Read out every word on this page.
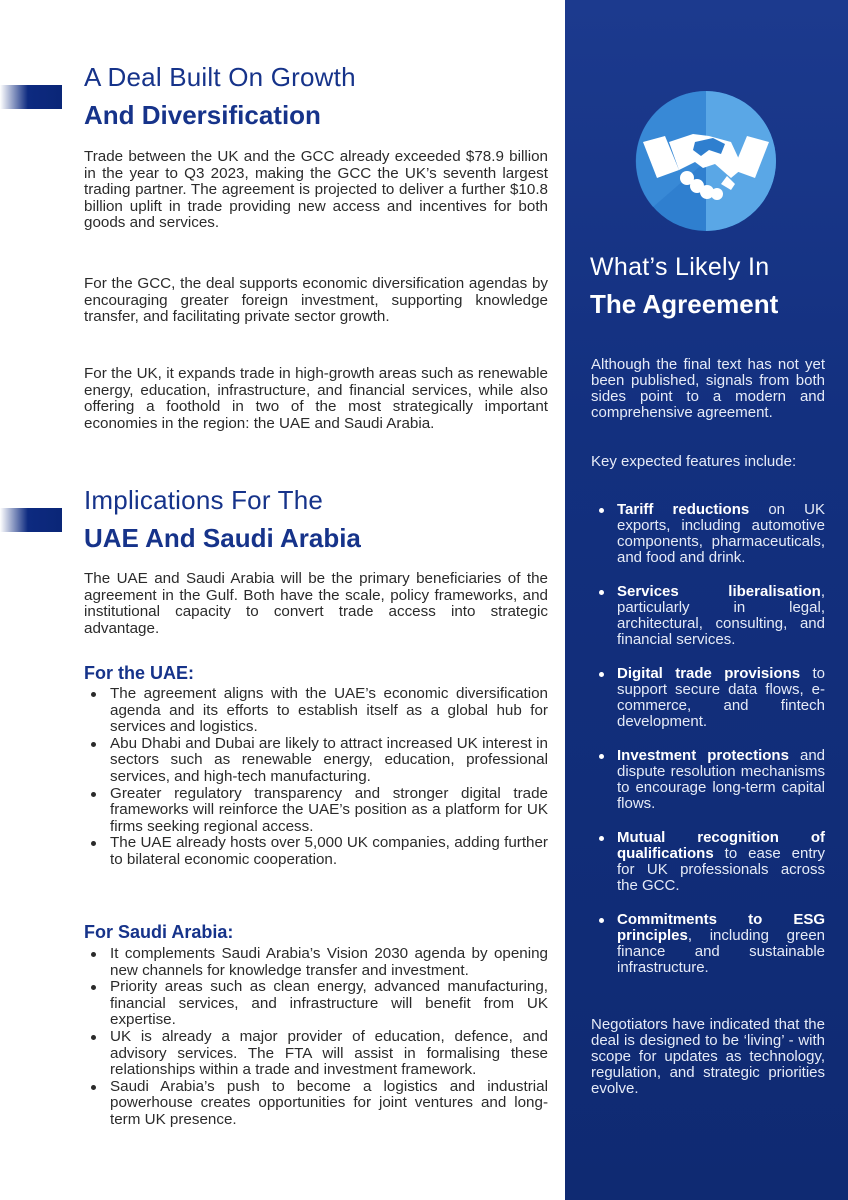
A Deal Built On Growth
And Diversification

Trade between the UK and the GCC already exceeded $78.9 billion in the year to Q3 2023, making the GCC the UK’s seventh largest trading partner. The agreement is projected to deliver a further $10.8 billion uplift in trade providing new access and incentives for both goods and services.

For the GCC, the deal supports economic diversification agendas by encouraging greater foreign investment, supporting knowledge transfer, and facilitating private sector growth.

For the UK, it expands trade in high-growth areas such as renewable energy, education, infrastructure, and financial services, while also offering a foothold in two of the most strategically important economies in the region: the UAE and Saudi Arabia.

Implications For The
UAE And Saudi Arabia

The UAE and Saudi Arabia will be the primary beneficiaries of the agreement in the Gulf. Both have the scale, policy frameworks, and institutional capacity to convert trade access into strategic advantage.

For the UAE:
The agreement aligns with the UAE’s economic diversification agenda and its efforts to establish itself as a global hub for services and logistics.
Abu Dhabi and Dubai are likely to attract increased UK interest in sectors such as renewable energy, education, professional services, and high-tech manufacturing.
Greater regulatory transparency and stronger digital trade frameworks will reinforce the UAE’s position as a platform for UK firms seeking regional access.
The UAE already hosts over 5,000 UK companies, adding further to bilateral economic cooperation.
For Saudi Arabia:
It complements Saudi Arabia’s Vision 2030 agenda by opening new channels for knowledge transfer and investment.
Priority areas such as clean energy, advanced manufacturing, financial services, and infrastructure will benefit from UK expertise.
UK is already a major provider of education, defence, and advisory services. The FTA will assist in formalising these relationships within a trade and investment framework.
Saudi Arabia’s push to become a logistics and industrial powerhouse creates opportunities for joint ventures and long-term UK presence.
What’s Likely In
The Agreement

Although the final text has not yet been published, signals from both sides point to a modern and comprehensive agreement.

Key expected features include:

Tariff reductions on UK exports, including automotive components, pharmaceuticals, and food and drink.
Services liberalisation, particularly in legal, architectural, consulting, and financial services.
Digital trade provisions to support secure data flows, e-commerce, and fintech development.
Investment protections and dispute resolution mechanisms to encourage long-term capital flows.
Mutual recognition of qualifications to ease entry for UK professionals across the GCC.
Commitments to ESG principles, including green finance and sustainable infrastructure.

Negotiators have indicated that the deal is designed to be ‘living’ - with scope for updates as technology, regulation, and strategic priorities evolve.
